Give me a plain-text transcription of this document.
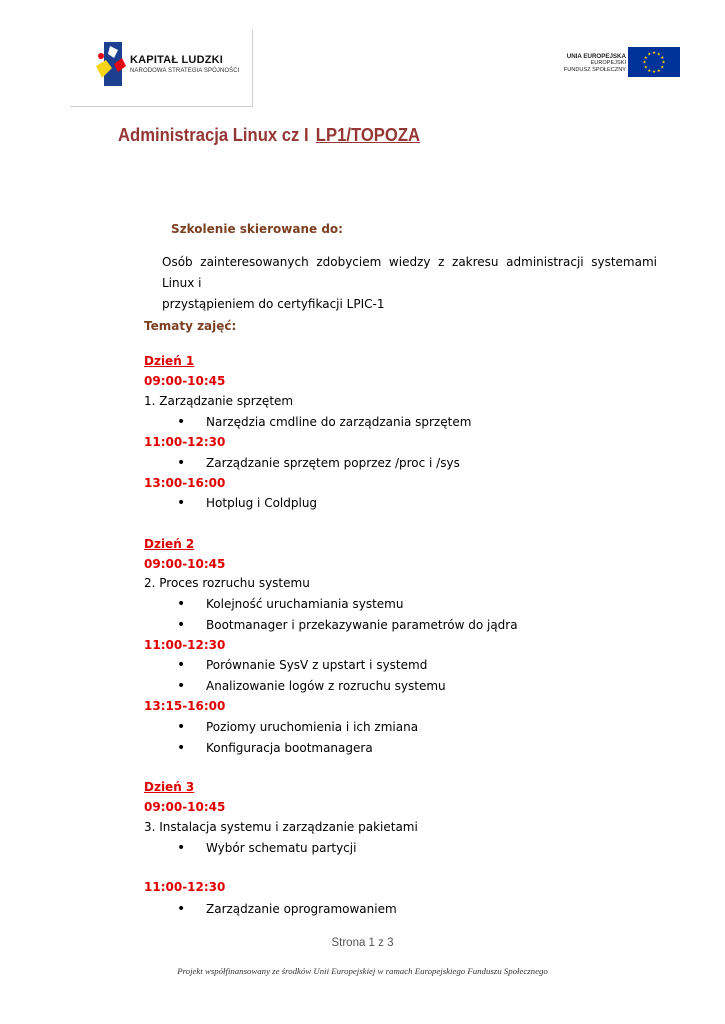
KAPITAŁ LUDZKI
NARODOWA STRATEGIA SPÓJNOŚCI
UNIA EUROPEJSKA
EUROPEJSKI
FUNDUSZ SPOŁECZNY
★ ★
★
★
★
★
★
★
★
★
★
★
Administracja Linux cz I LP1/TOPOZA
Szkolenie skierowane do:
Osób zainteresowanych zdobyciem wiedzy z zakresu administracji systemami Linux i
przystąpieniem do certyfikacji LPIC-1
Tematy zajęć:
Dzień 1
09:00-10:45
1. Zarządzanie sprzętem
• Narzędzia cmdline do zarządzania sprzętem
11:00-12:30
• Zarządzanie sprzętem poprzez /proc i /sys
13:00-16:00
• Hotplug i Coldplug
Dzień 2
09:00-10:45
2. Proces rozruchu systemu
• Kolejność uruchamiania systemu
• Bootmanager i przekazywanie parametrów do jądra
11:00-12:30
• Porównanie SysV z upstart i systemd
• Analizowanie logów z rozruchu systemu
13:15-16:00
• Poziomy uruchomienia i ich zmiana
• Konfiguracja bootmanagera
Dzień 3
09:00-10:45
3. Instalacja systemu i zarządzanie pakietami
• Wybór schematu partycji
11:00-12:30
• Zarządzanie oprogramowaniem
Strona 1 z 3
Projekt współfinansowany ze środków Unii Europejskiej w ramach Europejskiego Funduszu Społecznego
